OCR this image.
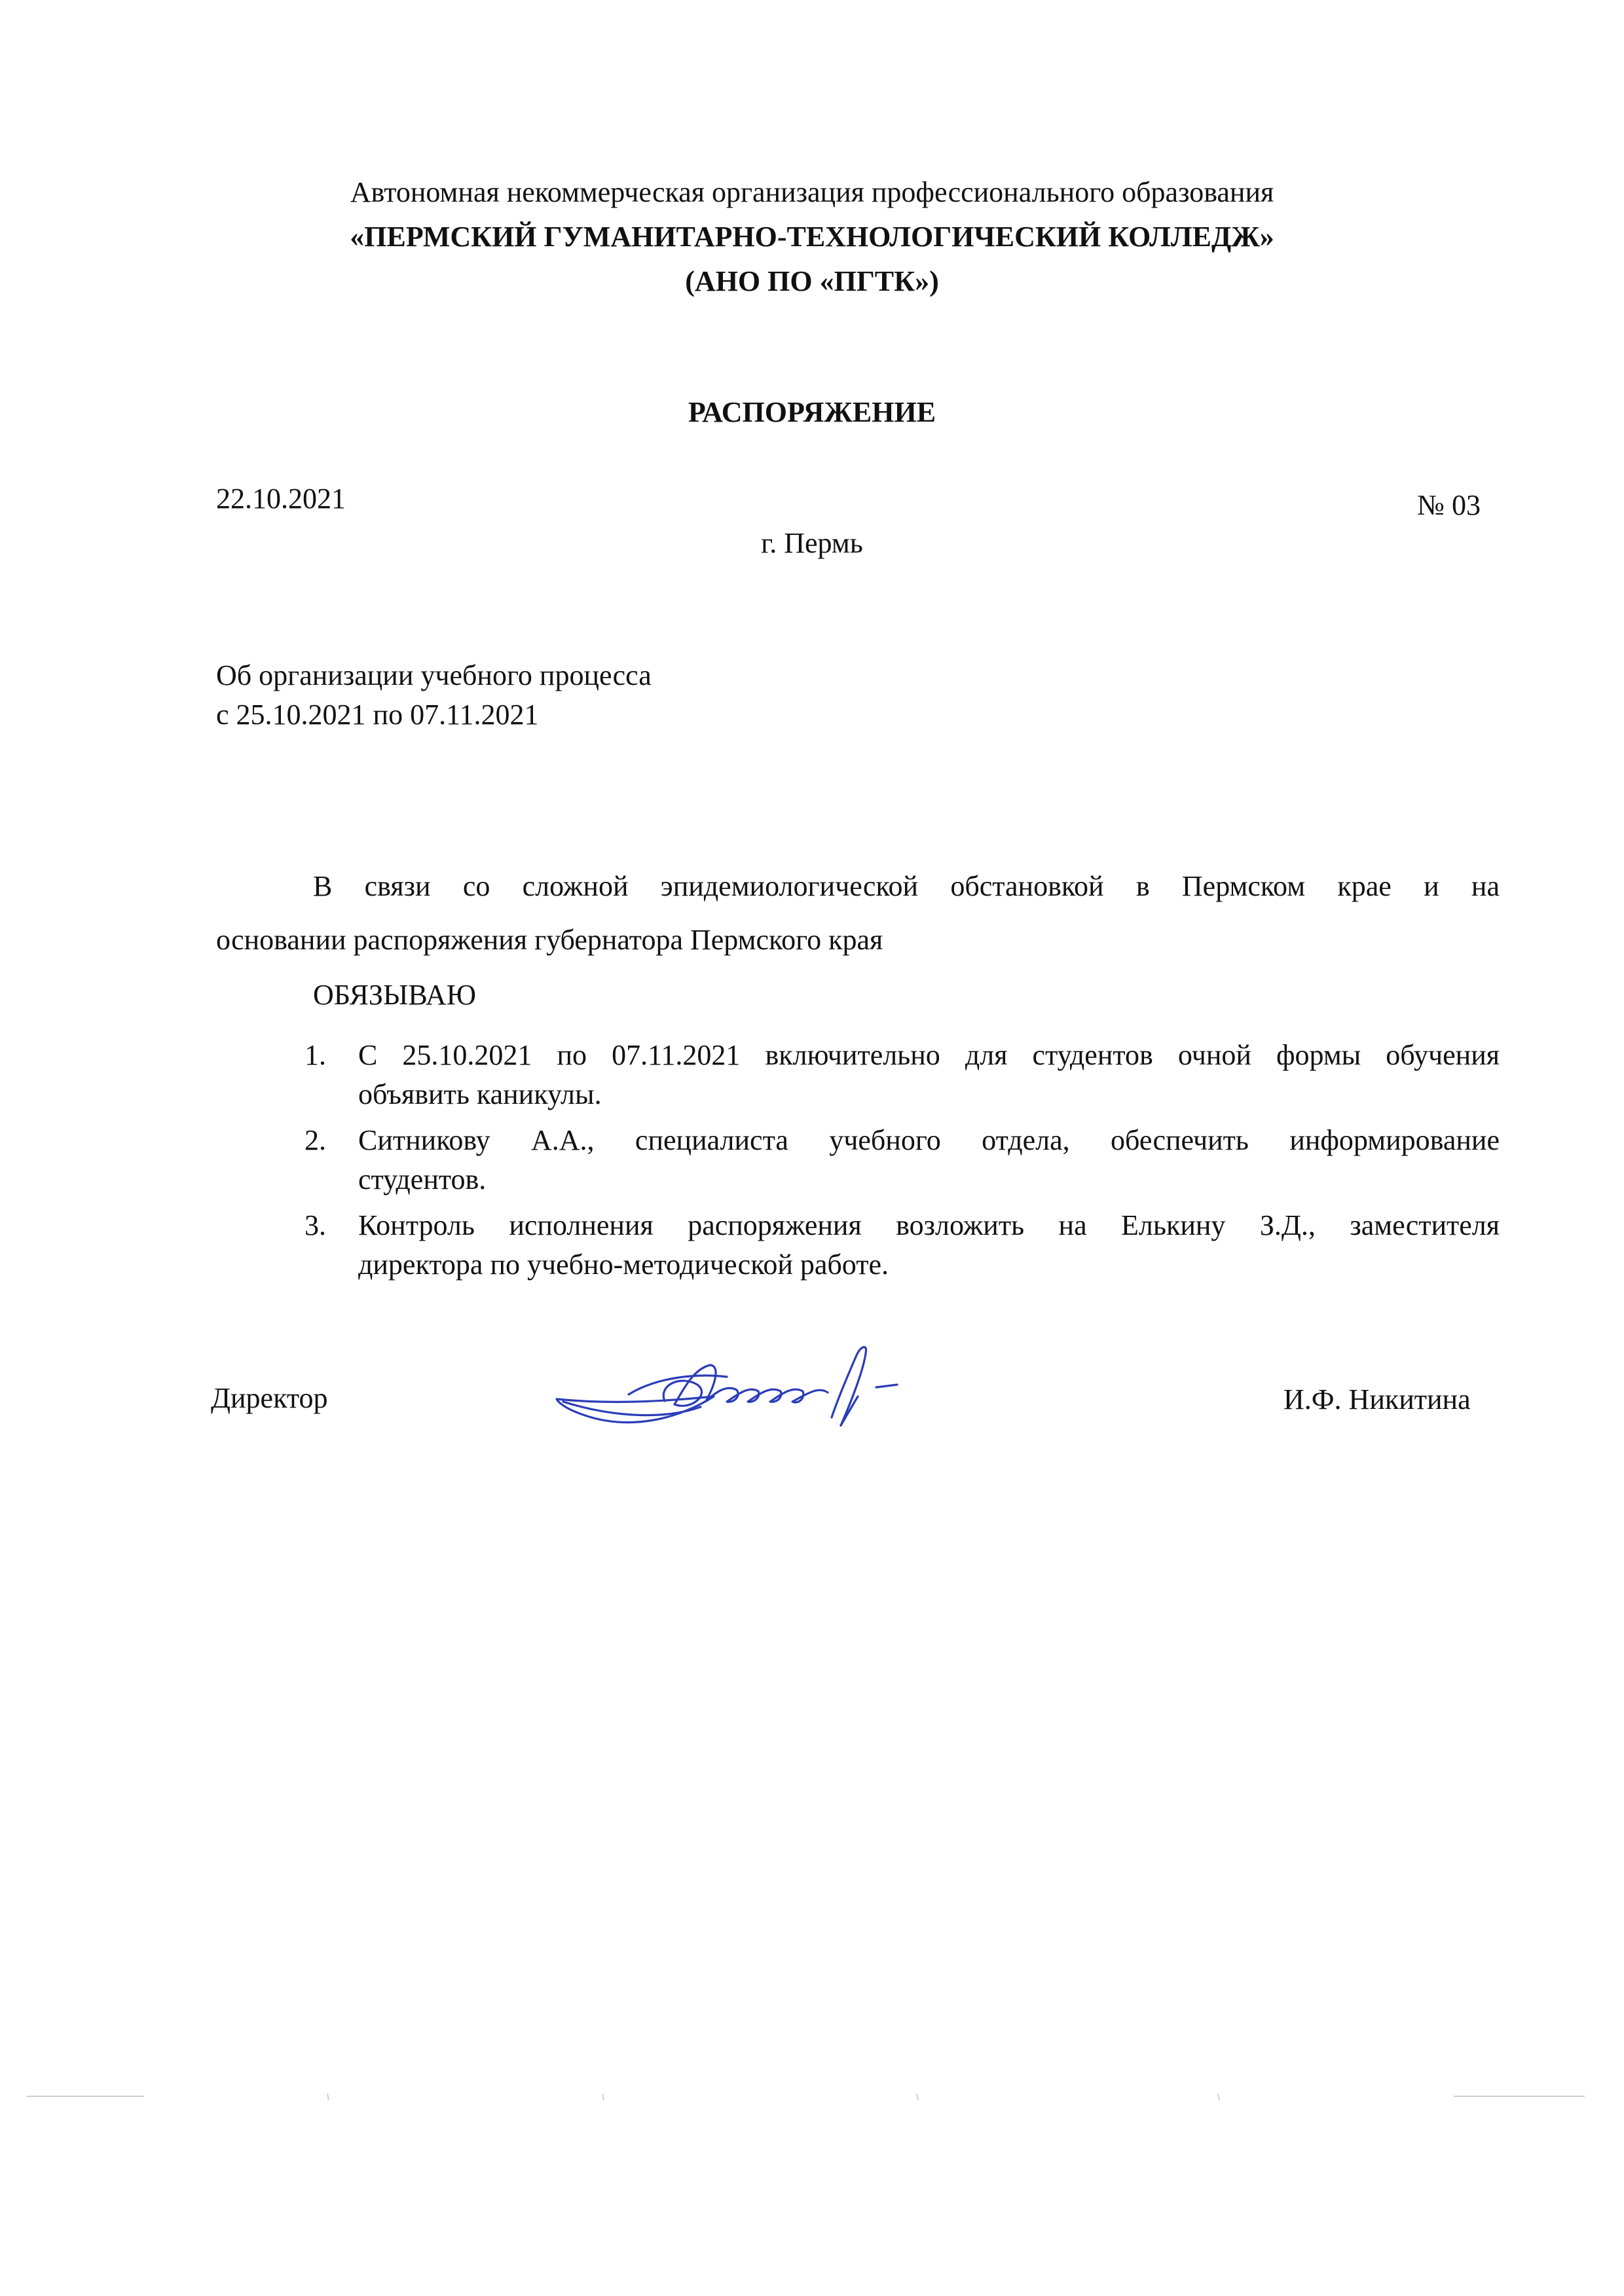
Автономная некоммерческая организация профессионального образования
«ПЕРМСКИЙ ГУМАНИТАРНО-ТЕХНОЛОГИЧЕСКИЙ КОЛЛЕДЖ»
(АНО ПО «ПГТК»)
РАСПОРЯЖЕНИЕ
22.10.2021	№ 03
г. Пермь
Об организации учебного процесса
с 25.10.2021 по 07.11.2021
В связи со сложной эпидемиологической обстановкой в Пермском крае и на
основании распоряжения губернатора Пермского края
ОБЯЗЫВАЮ
1. С 25.10.2021 по 07.11.2021 включительно для студентов очной формы обучения
объявить каникулы.
2. Ситникову А.А., специалиста учебного отдела, обеспечить информирование
студентов.
3. Контроль исполнения распоряжения возложить на Елькину З.Д., заместителя
директора по учебно-методической работе.
Директор	И.Ф. Никитина
